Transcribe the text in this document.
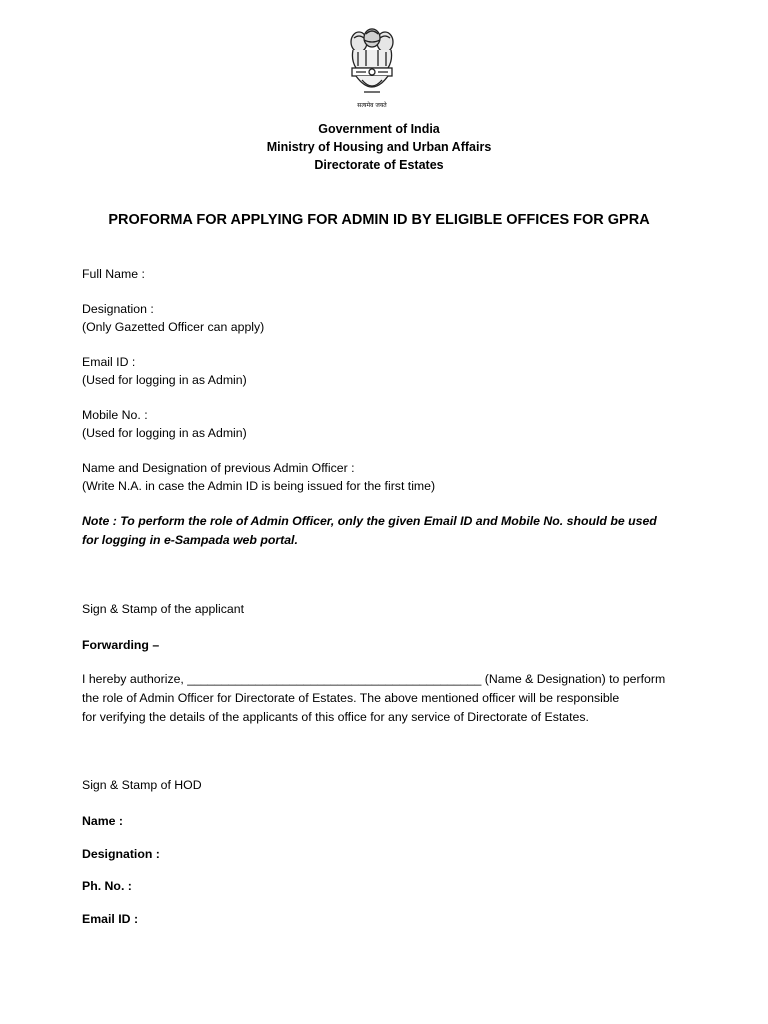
सत्यमेव जयते
Government of India
Ministry of Housing and Urban Affairs
Directorate of Estates
PROFORMA FOR APPLYING FOR ADMIN ID BY ELIGIBLE OFFICES FOR GPRA
Full Name :
Designation :
(Only Gazetted Officer can apply)
Email ID :
(Used for logging in as Admin)
Mobile No. :
(Used for logging in as Admin)
Name and Designation of previous Admin Officer :
(Write N.A. in case the Admin ID is being issued for the first time)
Note : To perform the role of Admin Officer, only the given Email ID and Mobile No. should be used
for logging in e-Sampada web portal.
Sign & Stamp of the applicant
Forwarding –
I hereby authorize, ___________________________________________ (Name & Designation) to perform
the role of Admin Officer for Directorate of Estates. The above mentioned officer will be responsible
for verifying the details of the applicants of this office for any service of Directorate of Estates.
Sign & Stamp of HOD
Name :
Designation :
Ph. No. :
Email ID :
